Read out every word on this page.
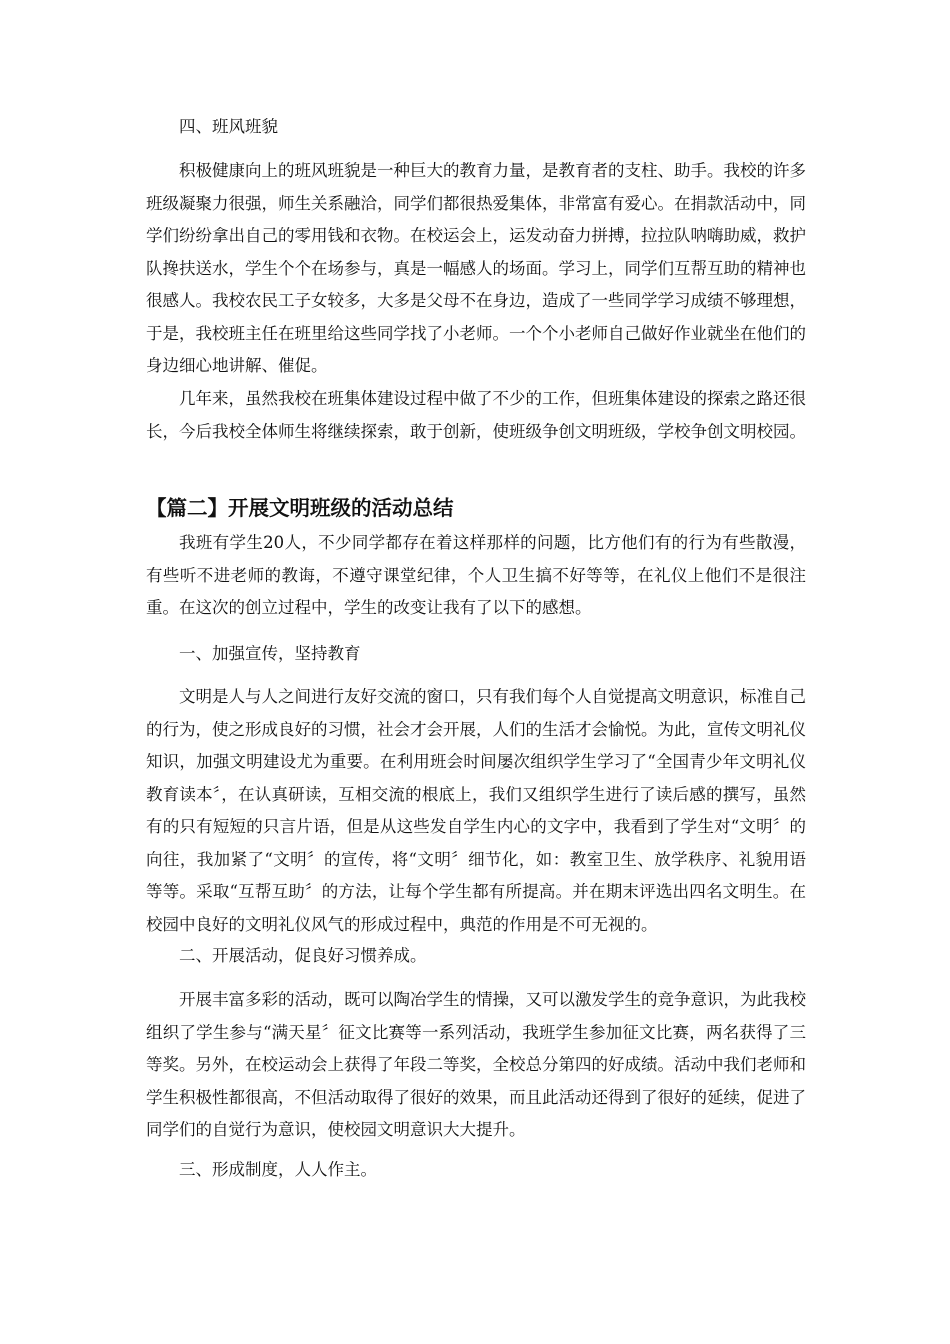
四、班风班貌

积极健康向上的班风班貌是一种巨大的教育力量，是教育者的支柱、助手。我校的许多班级凝聚力很强，师生关系融洽，同学们都很热爱集体，非常富有爱心。在捐款活动中，同学们纷纷拿出自己的零用钱和衣物。在校运会上，运发动奋力拼搏，拉拉队呐嗨助威，救护队搀扶送水，学生个个在场参与，真是一幅感人的场面。学习上，同学们互帮互助的精神也很感人。我校农民工子女较多，大多是父母不在身边，造成了一些同学学习成绩不够理想，于是，我校班主任在班里给这些同学找了小老师。一个个小老师自己做好作业就坐在他们的身边细心地讲解、催促。

几年来，虽然我校在班集体建设过程中做了不少的工作，但班集体建设的探索之路还很长，今后我校全体师生将继续探索，敢于创新，使班级争创文明班级，学校争创文明校园。

【篇二】开展文明班级的活动总结

我班有学生20人，不少同学都存在着这样那样的问题，比方他们有的行为有些散漫，有些听不进老师的教诲，不遵守课堂纪律，个人卫生搞不好等等，在礼仪上他们不是很注重。在这次的创立过程中，学生的改变让我有了以下的感想。

一、加强宣传，坚持教育

文明是人与人之间进行友好交流的窗口，只有我们每个人自觉提高文明意识，标准自己的行为，使之形成良好的习惯，社会才会开展，人们的生活才会愉悦。为此，宣传文明礼仪知识，加强文明建设尤为重要。在利用班会时间屡次组织学生学习了“全国青少年文明礼仪教育读本〞，在认真研读，互相交流的根底上，我们又组织学生进行了读后感的撰写，虽然有的只有短短的只言片语，但是从这些发自学生内心的文字中，我看到了学生对“文明〞的向往，我加紧了“文明〞的宣传，将“文明〞细节化，如：教室卫生、放学秩序、礼貌用语等等。采取“互帮互助〞的方法，让每个学生都有所提高。并在期末评选出四名文明生。在校园中良好的文明礼仪风气的形成过程中，典范的作用是不可无视的。

二、开展活动，促良好习惯养成。

开展丰富多彩的活动，既可以陶冶学生的情操，又可以激发学生的竞争意识，为此我校组织了学生参与“满天星〞征文比赛等一系列活动，我班学生参加征文比赛，两名获得了三等奖。另外，在校运动会上获得了年段二等奖，全校总分第四的好成绩。活动中我们老师和学生积极性都很高，不但活动取得了很好的效果，而且此活动还得到了很好的延续，促进了同学们的自觉行为意识，使校园文明意识大大提升。

三、形成制度，人人作主。
